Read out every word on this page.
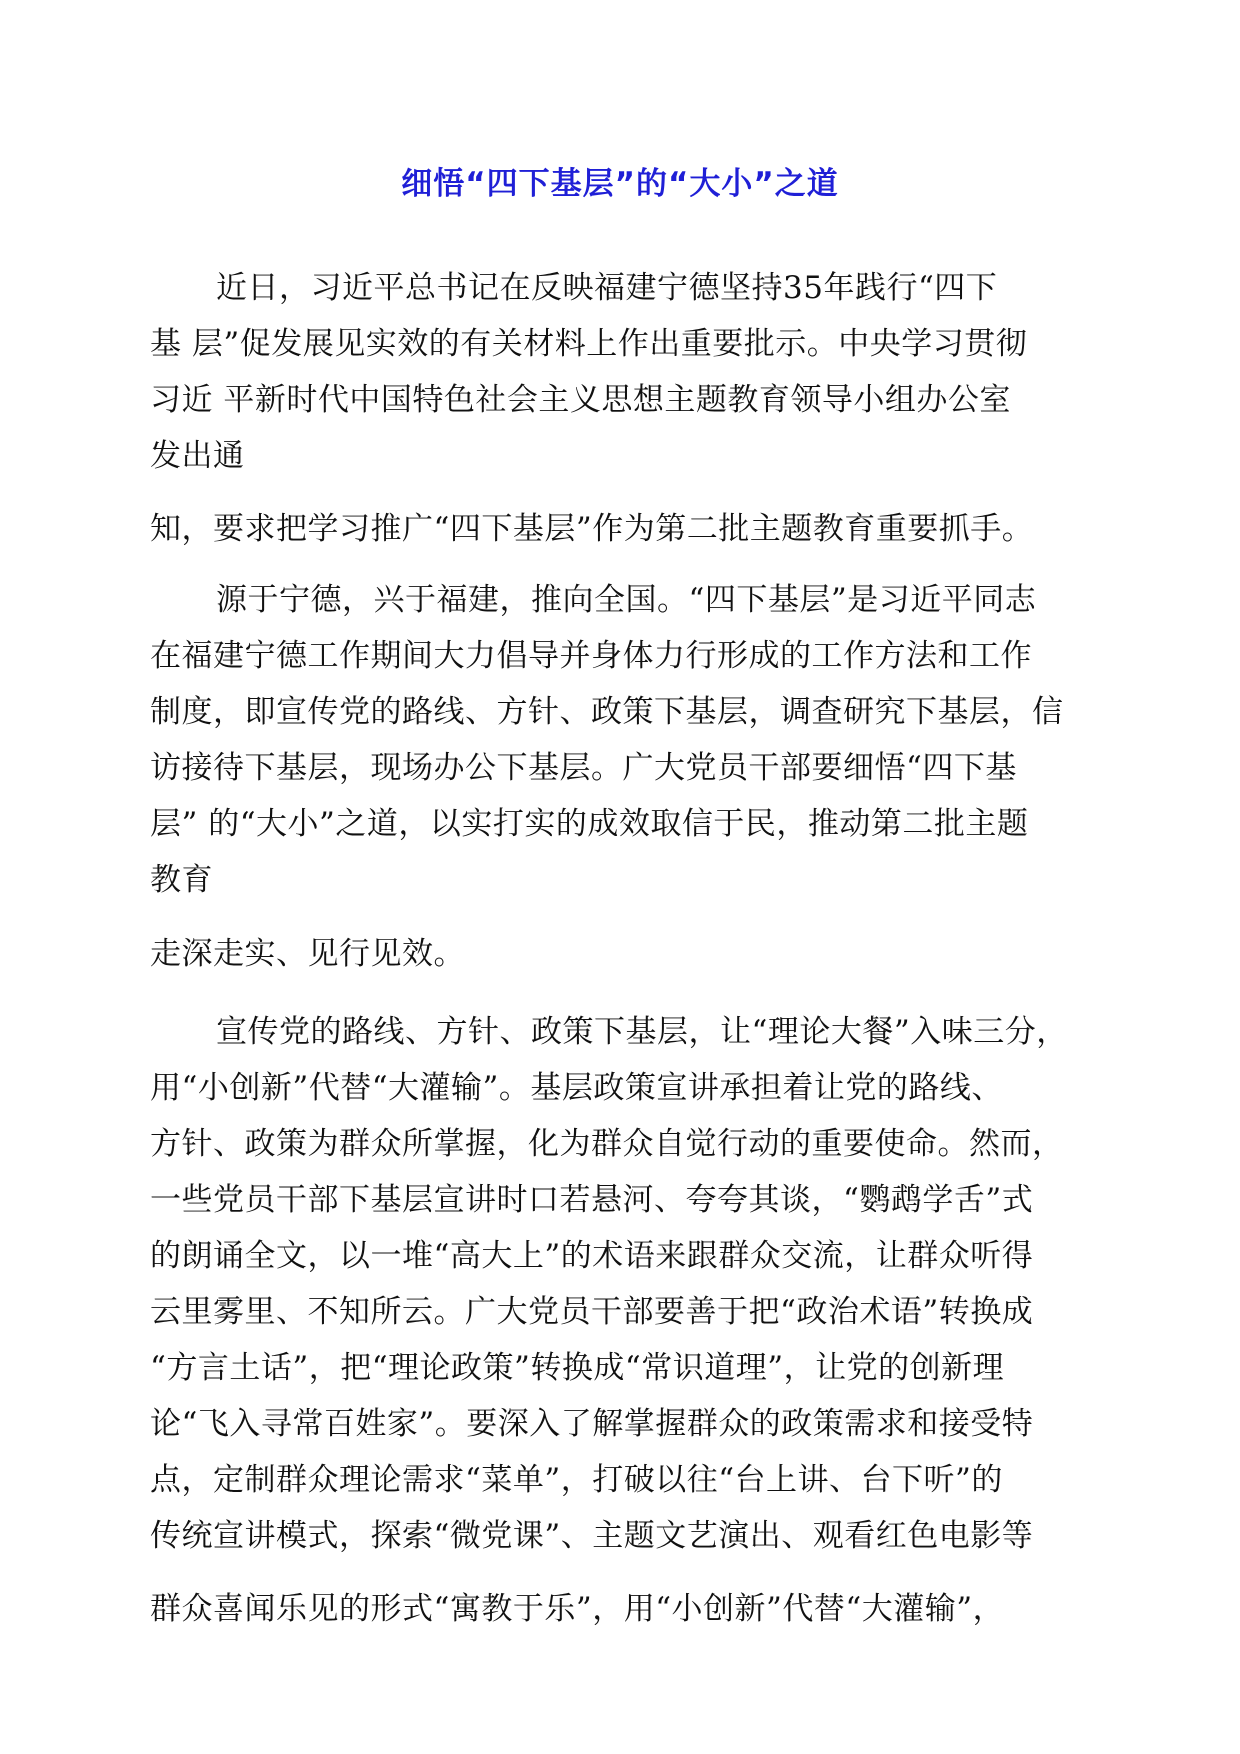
细悟“四下基层”的“大小”之道
近日，习近平总书记在反映福建宁德坚持35年践行“四下
基 层”促发展见实效的有关材料上作出重要批示。中央学习贯彻
习近 平新时代中国特色社会主义思想主题教育领导小组办公室
发出通
知，要求把学习推广“四下基层”作为第二批主题教育重要抓手。
源于宁德，兴于福建，推向全国。“四下基层”是习近平同志
在福建宁德工作期间大力倡导并身体力行形成的工作方法和工作
制度，即宣传党的路线、方针、政策下基层，调查研究下基层，信
访接待下基层，现场办公下基层。广大党员干部要细悟“四下基
层” 的“大小”之道，以实打实的成效取信于民，推动第二批主题
教育
走深走实、见行见效。
宣传党的路线、方针、政策下基层，让“理论大餐”入味三分，
用“小创新”代替“大灌输”。基层政策宣讲承担着让党的路线、
方针、政策为群众所掌握，化为群众自觉行动的重要使命。然而，
一些党员干部下基层宣讲时口若悬河、夸夸其谈，“鹦鹉学舌”式
的朗诵全文，以一堆“高大上”的术语来跟群众交流，让群众听得
云里雾里、不知所云。广大党员干部要善于把“政治术语”转换成
“方言土话”，把“理论政策”转换成“常识道理”，让党的创新理
论“飞入寻常百姓家”。要深入了解掌握群众的政策需求和接受特
点，定制群众理论需求“菜单”，打破以往“台上讲、台下听”的
传统宣讲模式，探索“微党课”、主题文艺演出、观看红色电影等
群众喜闻乐见的形式“寓教于乐”，用“小创新”代替“大灌输”，
